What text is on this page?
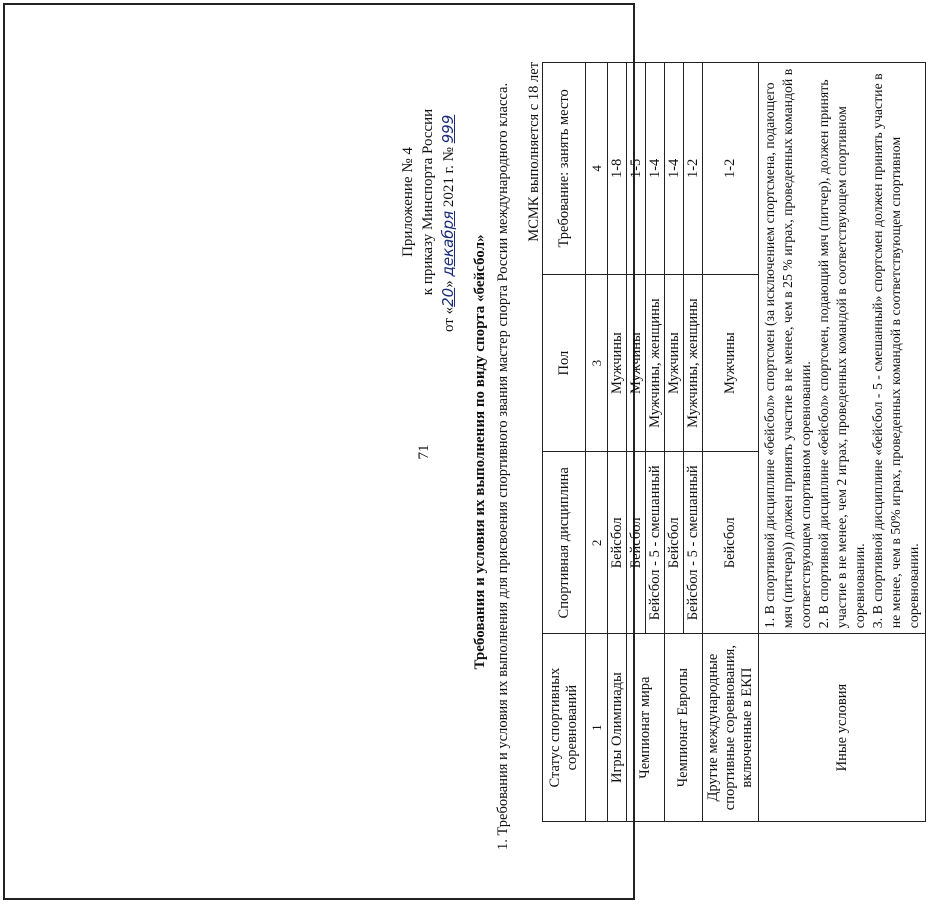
71
Приложение № 4 к приказу Минспорта России
от «20» декабря 2021 г. № 999
Требования и условия их выполнения по виду спорта «бейсбол» 1. Требования и условия их выполнения для присвоения спортивного звания мастер спорта России международного класса. МСМК выполняется с 18 лет
Статус спортивных соревнований	Спортивная дисциплина	Пол	Требование: занять место
1	2	3	4
Игры Олимпиады	Бейсбол	Мужчины	1-8
Чемпионат мира	Бейсбол	Мужчины	1-5
	Бейсбол - 5 - смешанный	Мужчины, женщины	1-4
Чемпионат Европы	Бейсбол	Мужчины	1-4
	Бейсбол - 5 - смешанный	Мужчины, женщины	1-2
Другие международные спортивные соревнования, включенные в ЕКП	Бейсбол	Мужчины	1-2
Иные условия	1. В спортивной дисциплине «бейсбол» спортсмен (за исключением спортсмена, подающего мяч (питчера)) должен принять участие в не менее, чем в 25 % играх, проведенных командой в соответствующем спортивном соревновании. 2. В спортивной дисциплине «бейсбол» спортсмен, подающий мяч (питчер), должен принять участие в не менее, чем 2 играх, проведенных командой в соответствующем спортивном соревновании. 3. В спортивной дисциплине «бейсбол - 5 - смешанный» спортсмен должен принять участие в не менее, чем в 50% играх, проведенных командой в соответствующем спортивном соревновании.		
